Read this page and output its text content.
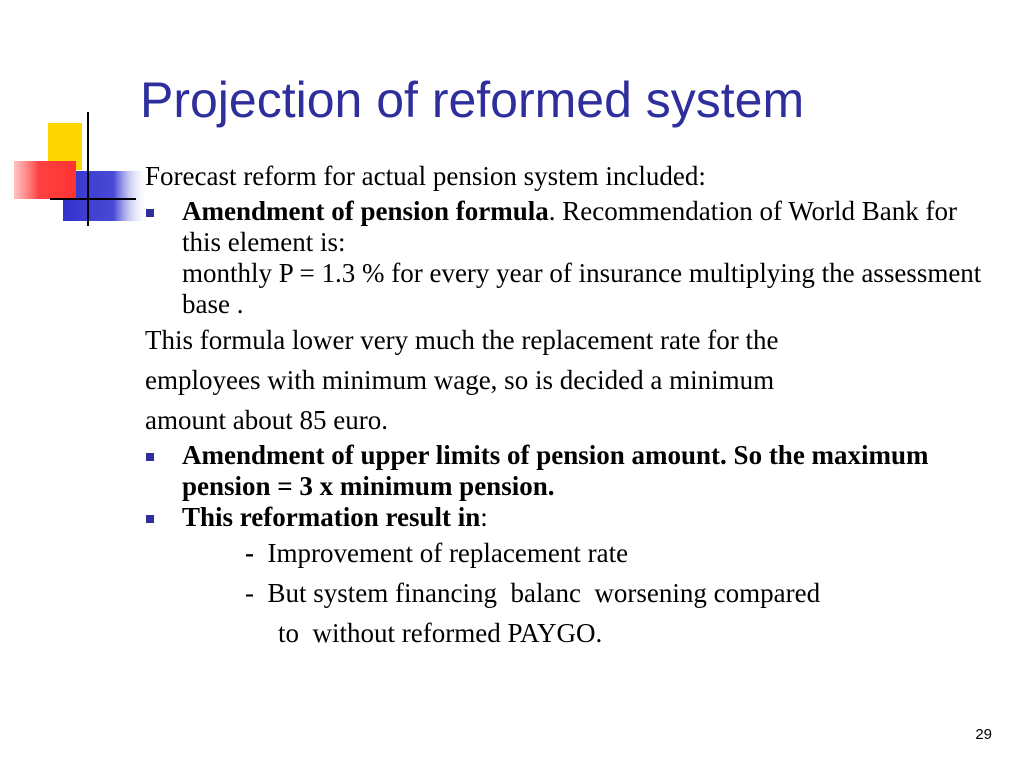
Projection of reformed system

Forecast reform for actual pension system included:

Amendment of pension formula. Recommendation of World Bank for this element is:

monthly P = 1.3 % for every year of insurance multiplying the assessment base .

This formula lower very much the replacement rate for the

employees with minimum wage, so is decided a minimum

amount about 85 euro.

Amendment of upper limits of pension amount. So the maximum pension = 3 x minimum pension.

This reformation result in:

-  Improvement of replacement rate

-  But system financing  balanc  worsening compared

to  without reformed PAYGO.

29
